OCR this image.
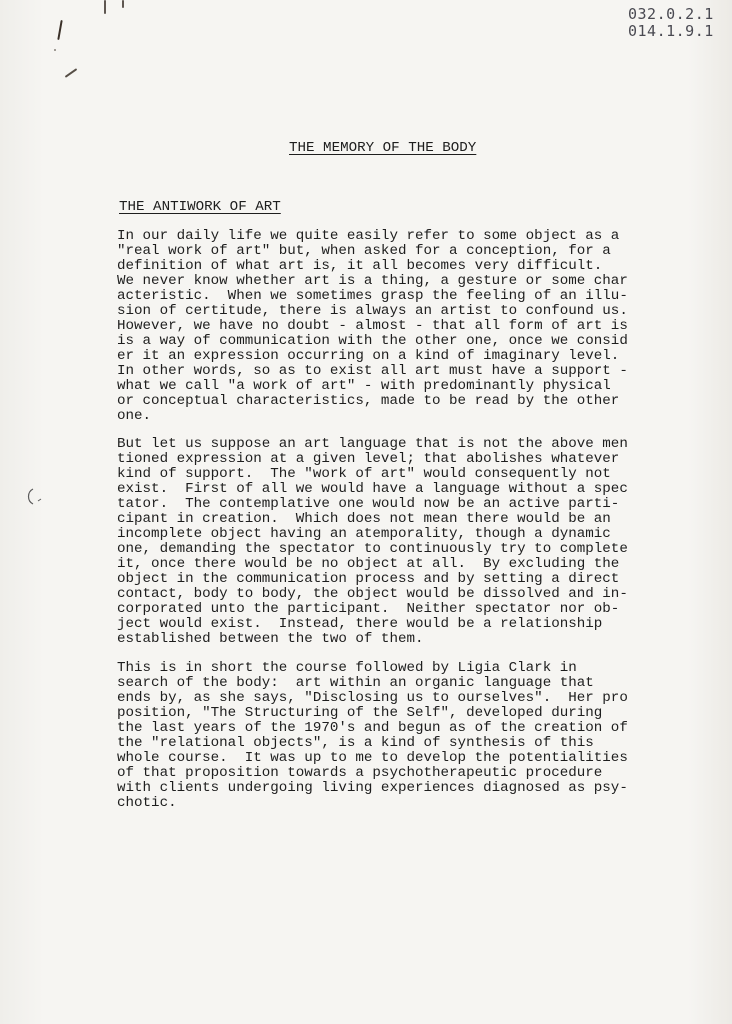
032.0.2.1
014.1.9.1
THE MEMORY OF THE BODY
THE ANTIWORK OF ART

In our daily life we quite easily refer to some object as a
"real work of art" but, when asked for a conception, for a
definition of what art is, it all becomes very difficult.
We never know whether art is a thing, a gesture or some char
acteristic.  When we sometimes grasp the feeling of an illu-
sion of certitude, there is always an artist to confound us.
However, we have no doubt - almost - that all form of art is
is a way of communication with the other one, once we consid
er it an expression occurring on a kind of imaginary level.
In other words, so as to exist all art must have a support -
what we call "a work of art" - with predominantly physical
or conceptual characteristics, made to be read by the other
one.

But let us suppose an art language that is not the above men
tioned expression at a given level; that abolishes whatever
kind of support.  The "work of art" would consequently not
exist.  First of all we would have a language without a spec
tator.  The contemplative one would now be an active parti-
cipant in creation.  Which does not mean there would be an
incomplete object having an atemporality, though a dynamic
one, demanding the spectator to continuously try to complete
it, once there would be no object at all.  By excluding the
object in the communication process and by setting a direct
contact, body to body, the object would be dissolved and in-
corporated unto the participant.  Neither spectator nor ob-
ject would exist.  Instead, there would be a relationship
established between the two of them.

This is in short the course followed by Ligia Clark in
search of the body:  art within an organic language that
ends by, as she says, "Disclosing us to ourselves".  Her pro
position, "The Structuring of the Self", developed during
the last years of the 1970's and begun as of the creation of
the "relational objects", is a kind of synthesis of this
whole course.  It was up to me to develop the potentialities
of that proposition towards a psychotherapeutic procedure
with clients undergoing living experiences diagnosed as psy-
chotic.
